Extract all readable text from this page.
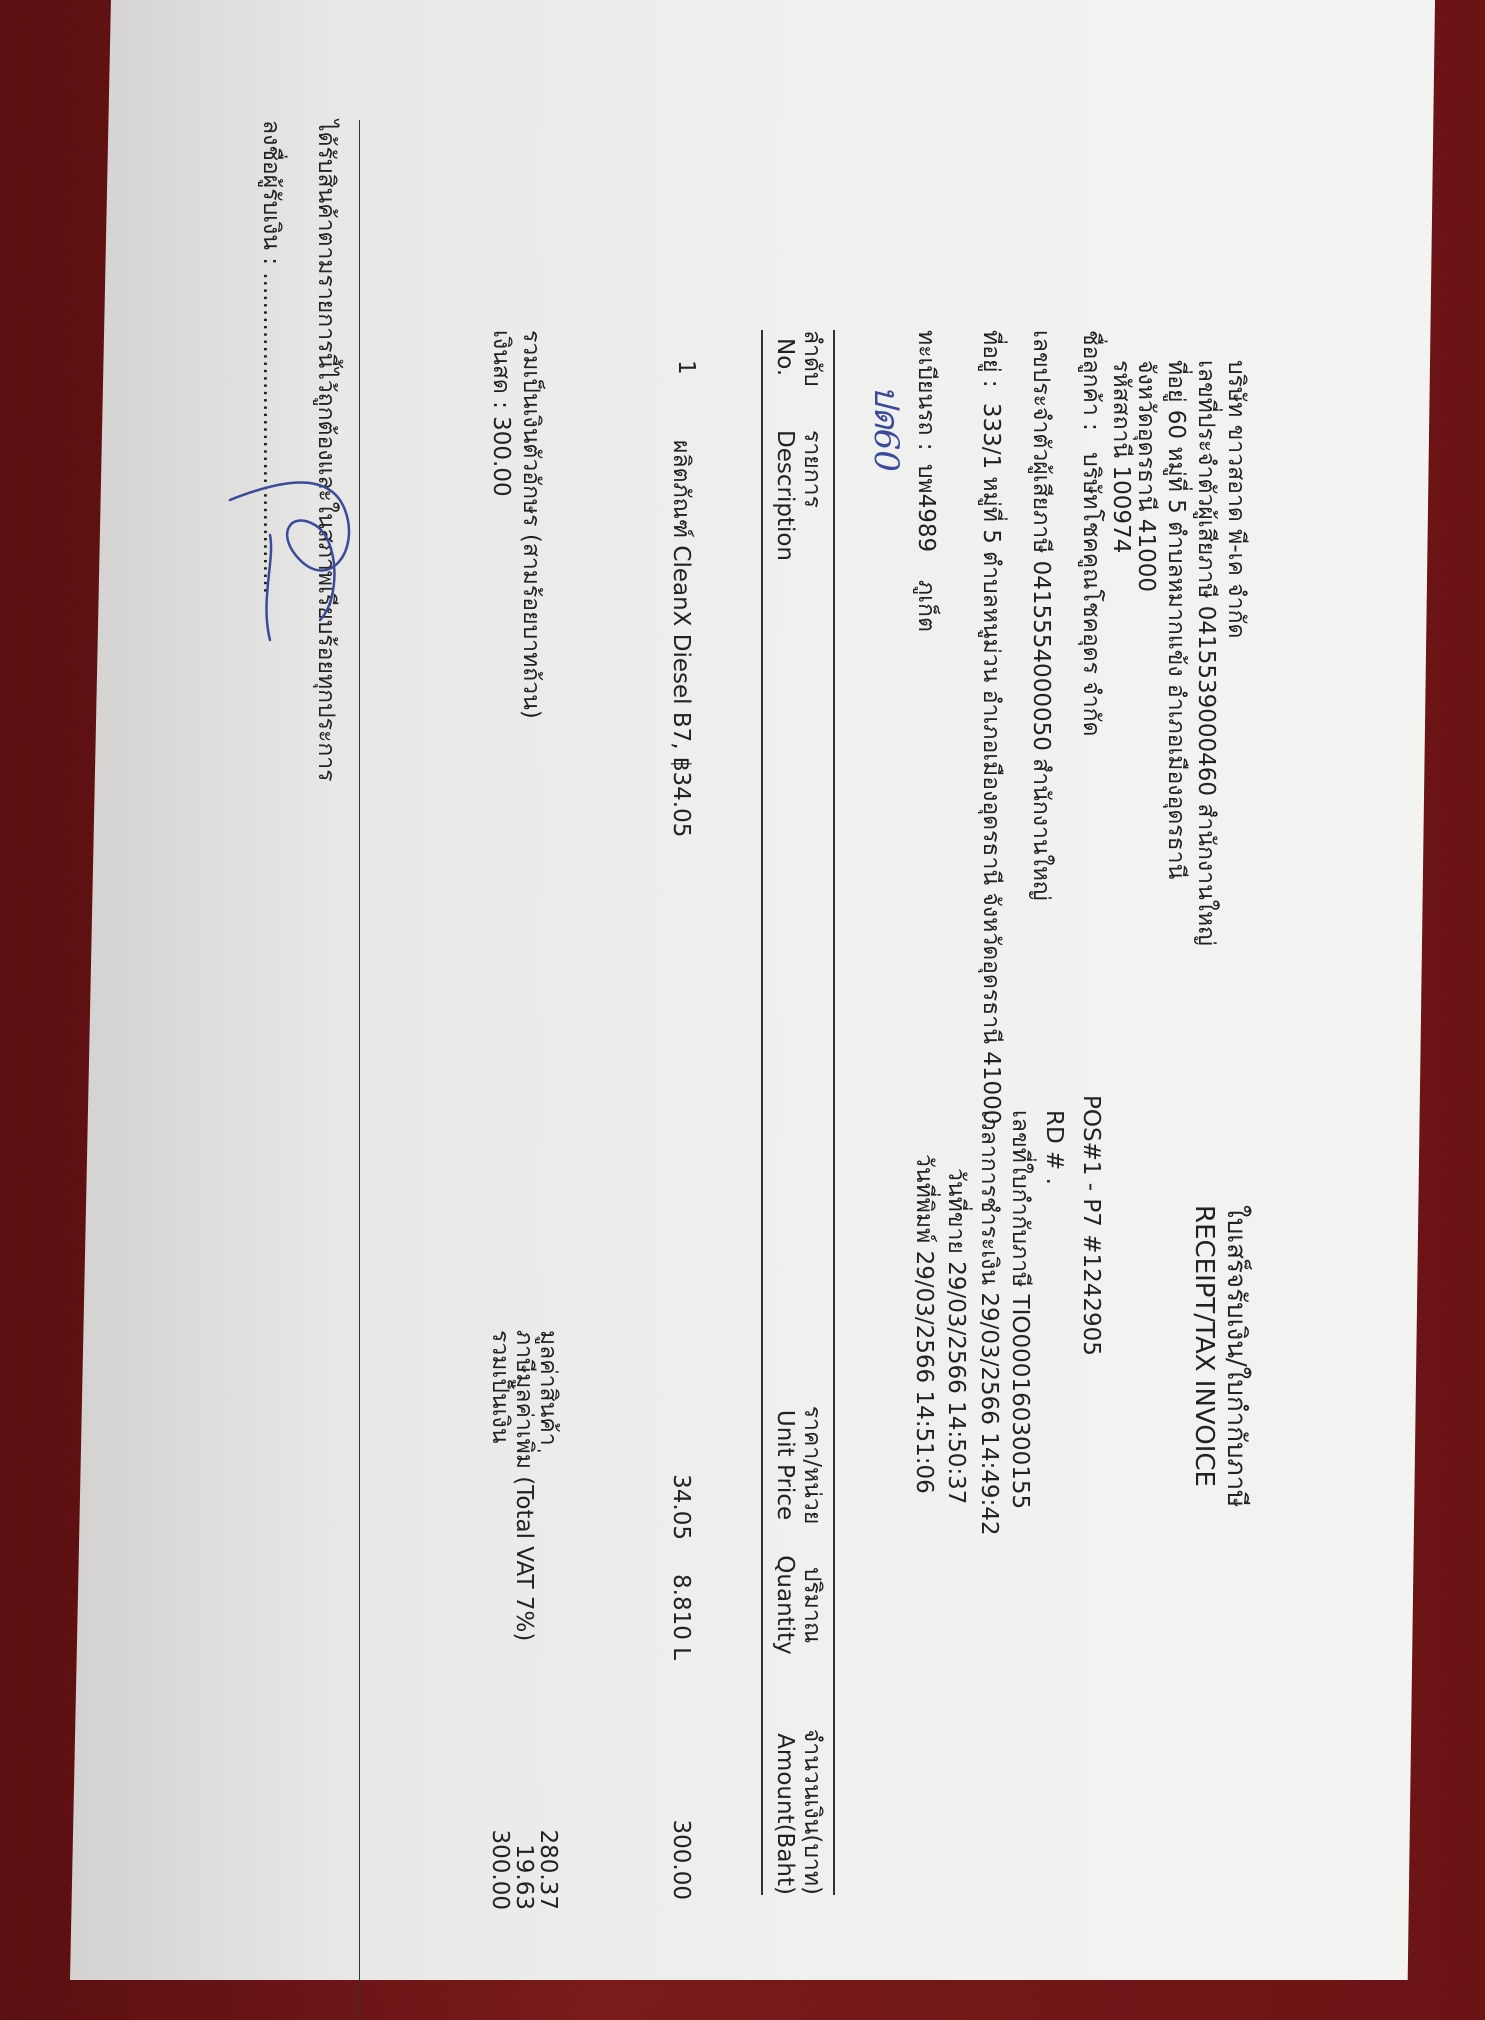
บริษัท ขาวสอาด พี-เค จำกัด
เลขที่ประจำตัวผู้เสียภาษี 0415539000460 สำนักงานใหญ่
ที่อยู่ 60 หมู่ที่ 5 ตำบลหมากแข้ง อำเภอเมืองอุดรธานี
จังหวัดอุดรธานี 41000
รหัสสถานี 100974
ใบเสร็จรับเงิน/ใบกำกับภาษี
RECEIPT/TAX INVOICE
POS#1 - P7 #1242905
RD # .
เลขที่ใบกำกับภาษี TIO000160300155
เวลาการชำระเงิน 29/03/2566 14:49:42
วันที่ขาย 29/03/2566 14:50:37
วันที่พิมพ์ 29/03/2566 14:51:06
ชื่อลูกค้า : บริษัทโชคคูณโชคอุดร จำกัด
เลขประจำตัวผู้เสียภาษี 0415554000050 สำนักงานใหญ่
ที่อยู่ : 333/1 หมู่ที่ 5 ตำบลหนูม่วน อำเภอเมืองอุดรธานี จังหวัดอุดรธานี 41000
ทะเบียนรถ : บพ4989
ภูเก็ต
ปด60
ลำดับ
No.
รายการ
Description
ราคา/หน่วย
Unit Price
ปริมาณ
Quantity
จำนวนเงิน(บาท)
Amount(Baht)
1
ผลิตภัณฑ์ CleanX Diesel B7, ฿34.05
34.05
8.810 L
300.00
รวมเป็นเงินตัวอักษร (สามร้อยบาทถ้วน)
เงินสด : 300.00
มูลค่าสินค้า
280.37
ภาษีมูลค่าเพิ่ม (Total VAT 7%)
19.63
รวมเป็นเงิน
300.00
ได้รับสินค้าตามรายการนี้ไว้ถูกต้องและในสภาพเรียบร้อยทุกประการ
ลงชื่อผู้รับเงิน : ............................................
